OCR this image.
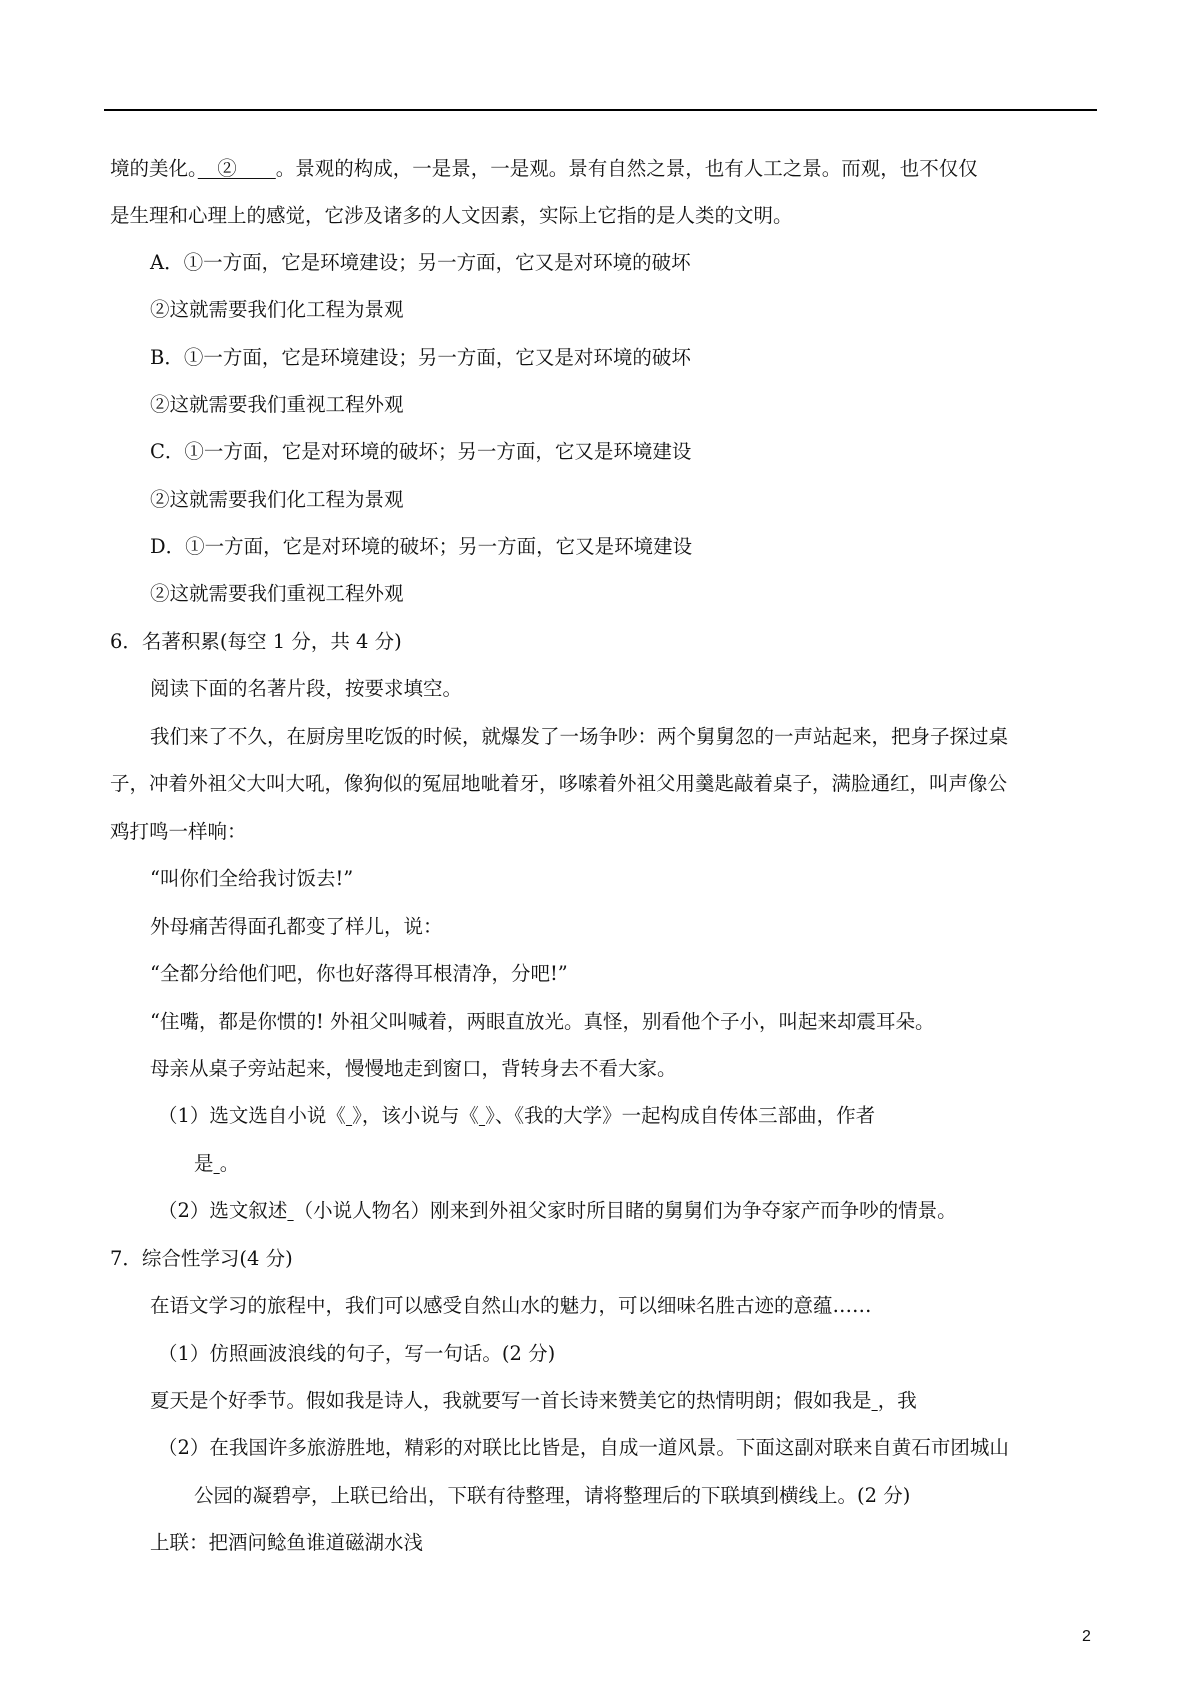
境的美化。　②　　。景观的构成，一是景，一是观。景有自然之景，也有人工之景。而观，也不仅仅
是生理和心理上的感觉，它涉及诸多的人文因素，实际上它指的是人类的文明。
A．①一方面，它是环境建设；另一方面，它又是对环境的破坏
②这就需要我们化工程为景观
B．①一方面，它是环境建设；另一方面，它又是对环境的破坏
②这就需要我们重视工程外观
C．①一方面，它是对环境的破坏；另一方面，它又是环境建设
②这就需要我们化工程为景观
D．①一方面，它是对环境的破坏；另一方面，它又是环境建设
②这就需要我们重视工程外观
6．名著积累(每空 1 分，共 4 分)
阅读下面的名著片段，按要求填空。
我们来了不久，在厨房里吃饭的时候，就爆发了一场争吵：两个舅舅忽的一声站起来，把身子探过桌
子，冲着外祖父大叫大吼，像狗似的冤屈地呲着牙，哆嗦着外祖父用羹匙敲着桌子，满脸通红，叫声像公
鸡打鸣一样响：
“叫你们全给我讨饭去!”
外母痛苦得面孔都变了样儿，说：
“全都分给他们吧，你也好落得耳根清净，分吧!”
“住嘴，都是你惯的! 外祖父叫喊着，两眼直放光。真怪，别看他个子小，叫起来却震耳朵。
母亲从桌子旁站起来，慢慢地走到窗口，背转身去不看大家。
（1）选文选自小说《 》，该小说与《 》、《我的大学》一起构成自传体三部曲，作者
是 。
（2）选文叙述 （小说人物名）刚来到外祖父家时所目睹的舅舅们为争夺家产而争吵的情景。
7．综合性学习(4 分)
在语文学习的旅程中，我们可以感受自然山水的魅力，可以细味名胜古迹的意蕴……
（1）仿照画波浪线的句子，写一句话。(2 分)
夏天是个好季节。假如我是诗人，我就要写一首长诗来赞美它的热情明朗；假如我是 ，我
（2）在我国许多旅游胜地，精彩的对联比比皆是，自成一道风景。下面这副对联来自黄石市团城山
公园的凝碧亭，上联已给出，下联有待整理，请将整理后的下联填到横线上。(2 分)
上联：把酒问鲶鱼谁道磁湖水浅
2
